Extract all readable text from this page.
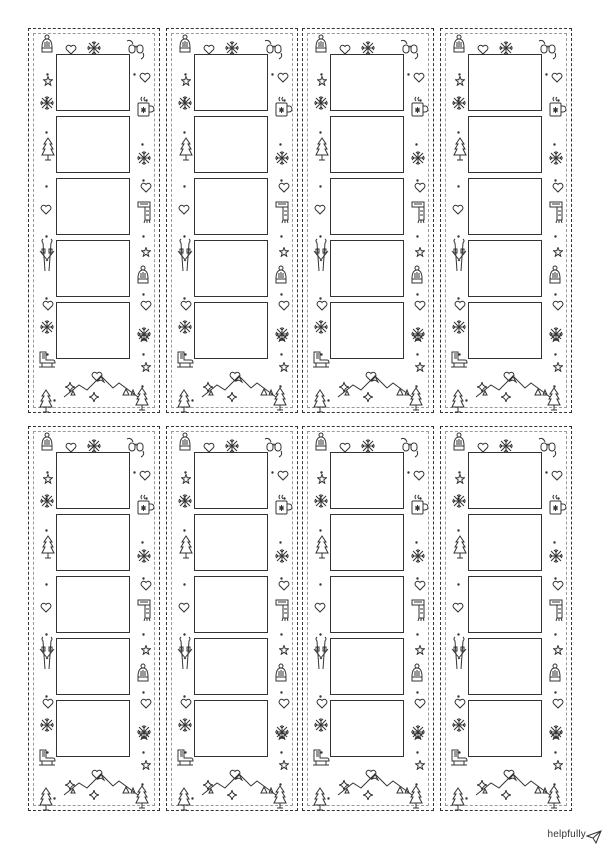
helpfully
